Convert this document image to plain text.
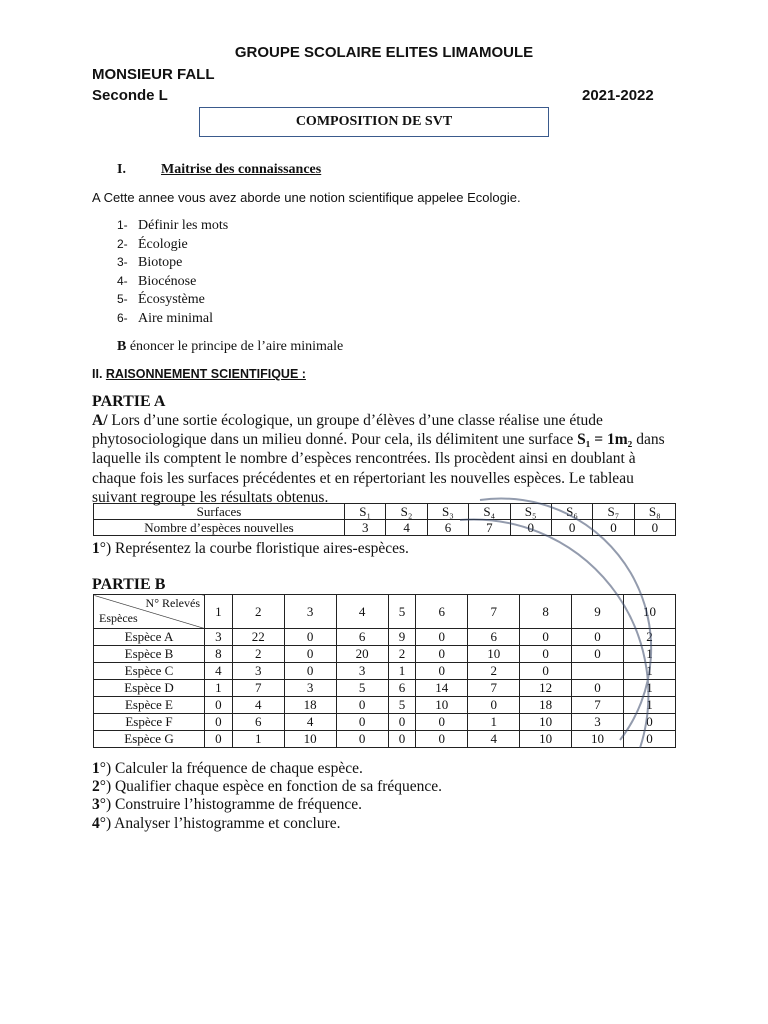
GROUPE SCOLAIRE ELITES LIMAMOULE
MONSIEUR FALL
Seconde L	2021-2022
COMPOSITION DE SVT
I.	Maitrise des connaissances
A Cette annee vous avez aborde une notion scientifique appelee Ecologie.
1- Définir les mots
2- Écologie
3- Biotope
4- Biocénose
5- Écosystème
6- Aire minimal
B énoncer le principe de l’aire minimale
II. RAISONNEMENT SCIENTIFIQUE :
PARTIE A
A/ Lors d’une sortie écologique, un groupe d’élèves d’une classe réalise une étude phytosociologique dans un milieu donné. Pour cela, ils délimitent une surface S₁ = 1m₂ dans laquelle ils comptent le nombre d’espèces rencontrées. Ils procèdent ainsi en doublant à chaque fois les surfaces précédentes et en répertoriant les nouvelles espèces. Le tableau suivant regroupe les résultats obtenus.
Surfaces	S₁	S₂	S₃	S₄	S₅	S₆	S₇	S₈
Nombre d’espèces nouvelles	3	4	6	7	0	0	0	0
1°) Représentez la courbe floristique aires-espèces.
PARTIE B
N° Relevés
Espèces	1	2	3	4	5	6	7	8	9	10
Espèce A	3	22	0	6	9	0	6	0	0	2
Espèce B	8	2	0	20	2	0	10	0	0	1
Espèce C	4	3	0	3	1	0	2	0		1
Espèce D	1	7	3	5	6	14	7	12	0	1
Espèce E	0	4	18	0	5	10	0	18	7	1
Espèce F	0	6	4	0	0	0	1	10	3	0
Espèce G	0	1	10	0	0	0	4	10	10	0
1°) Calculer la fréquence de chaque espèce.
2°) Qualifier chaque espèce en fonction de sa fréquence.
3°) Construire l’histogramme de fréquence.
4°) Analyser l’histogramme et conclure.
